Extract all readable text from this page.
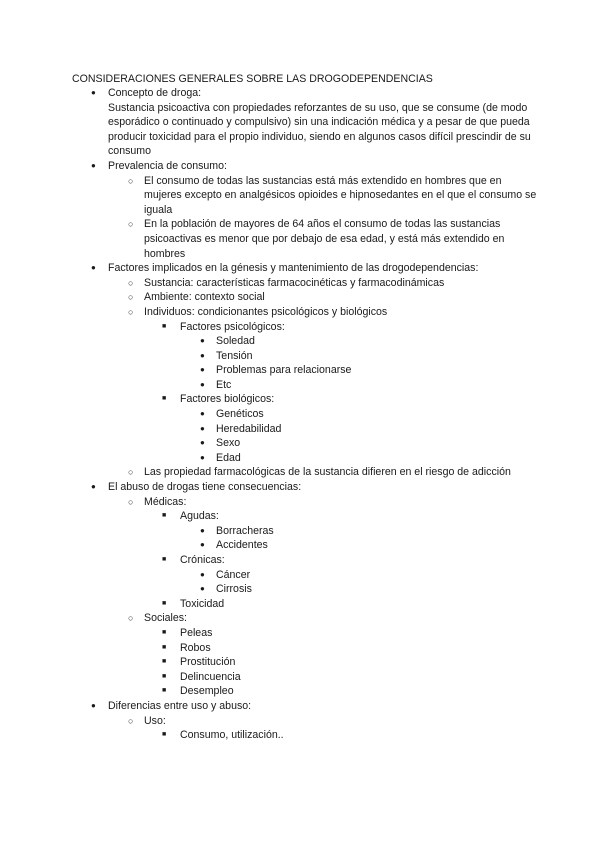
CONSIDERACIONES GENERALES SOBRE LAS DROGODEPENDENCIAS
● Concepto de droga:
Sustancia psicoactiva con propiedades reforzantes de su uso, que se consume (de modo esporádico o continuado y compulsivo) sin una indicación médica y a pesar de que pueda producir toxicidad para el propio individuo, siendo en algunos casos difícil prescindir de su consumo
● Prevalencia de consumo:
○ El consumo de todas las sustancias está más extendido en hombres que en mujeres excepto en analgésicos opioides e hipnosedantes en el que el consumo se iguala
○ En la población de mayores de 64 años el consumo de todas las sustancias psicoactivas es menor que por debajo de esa edad, y está más extendido en hombres
● Factores implicados en la génesis y mantenimiento de las drogodependencias:
○ Sustancia: características farmacocinéticas y farmacodinámicas
○ Ambiente: contexto social
○ Individuos: condicionantes psicológicos y biológicos
■ Factores psicológicos:
● Soledad
● Tensión
● Problemas para relacionarse
● Etc
■ Factores biológicos:
● Genéticos
● Heredabilidad
● Sexo
● Edad
○ Las propiedad farmacológicas de la sustancia difieren en el riesgo de adicción
● El abuso de drogas tiene consecuencias:
○ Médicas:
■ Agudas:
● Borracheras
● Accidentes
■ Crónicas:
● Cáncer
● Cirrosis
■ Toxicidad
○ Sociales:
■ Peleas
■ Robos
■ Prostitución
■ Delincuencia
■ Desempleo
● Diferencias entre uso y abuso:
○ Uso:
■ Consumo, utilización..
